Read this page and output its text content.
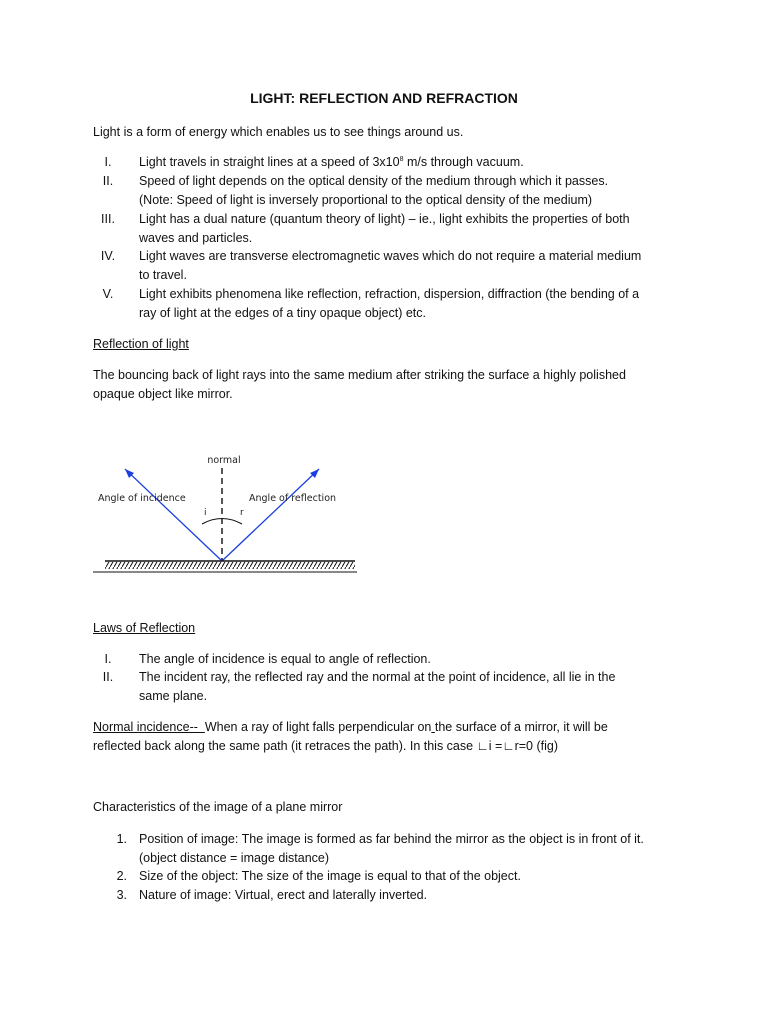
LIGHT: REFLECTION AND REFRACTION
Light is a form of energy which enables us to see things around us.
I.	Light travels in straight lines at a speed of $3x10^8$ m/s through vacuum.
II.	Speed of light depends on the optical density of the medium through which it passes.
(Note: Speed of light is inversely proportional to the optical density of the medium)
III.	Light has a dual nature (quantum theory of light) – ie., light exhibits the properties of both
waves and particles.
IV.	Light waves are transverse electromagnetic waves which do not require a material medium
to travel.
V.	Light exhibits phenomena like reflection, refraction, dispersion, diffraction (the bending of a
ray of light at the edges of a tiny opaque object) etc.
Reflection of light
The bouncing back of light rays into the same medium after striking the surface a highly polished
opaque object like mirror.
normal
Angle of incidence	Angle of reflection
i	r
Laws of Reflection
I.	The angle of incidence is equal to angle of reflection.
II.	The incident ray, the reflected ray and the normal at the point of incidence, all lie in the
same plane.
Normal incidence--  When a ray of light falls perpendicular on the surface of a mirror, it will be
reflected back along the same path (it retraces the path). In this case ∟i =∟r=0 (fig)
Characteristics of the image of a plane mirror
1. Position of image: The image is formed as far behind the mirror as the object is in front of it.
(object distance = image distance)
2. Size of the object: The size of the image is equal to that of the object.
3. Nature of image: Virtual, erect and laterally inverted.
